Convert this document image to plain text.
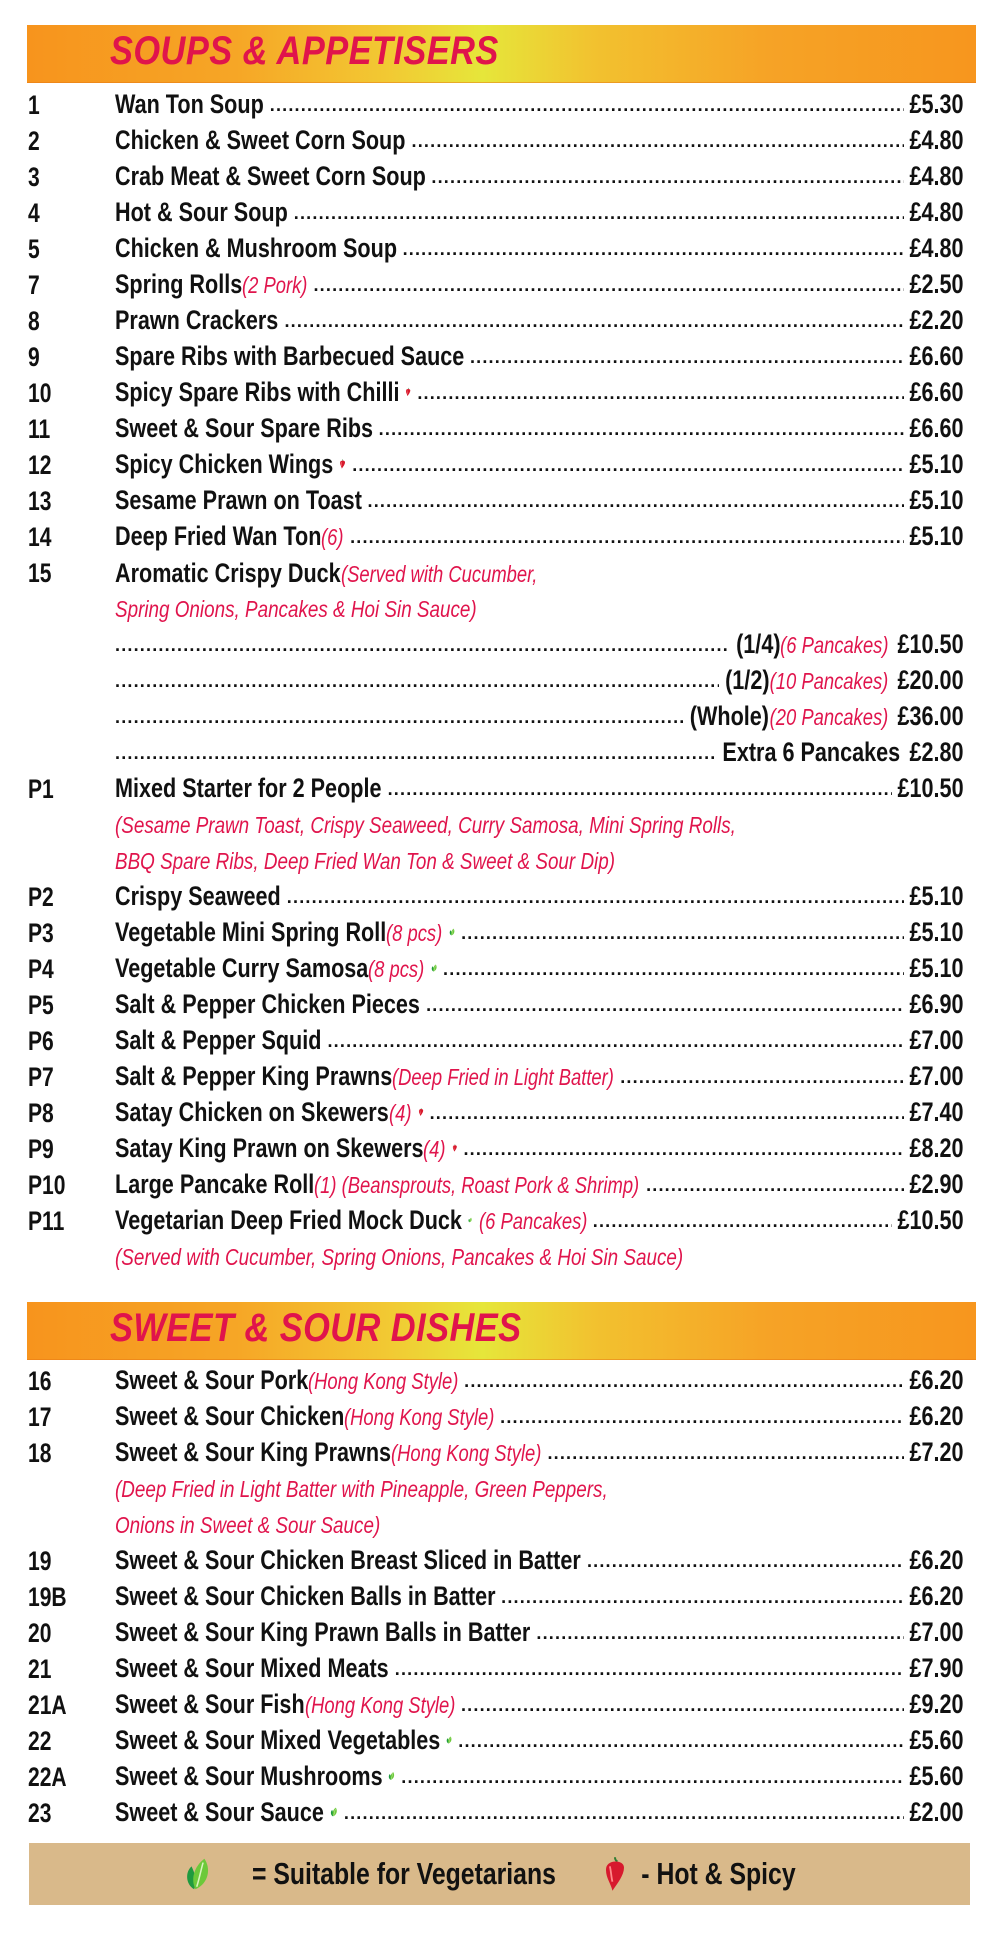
SOUPS & APPETISERS
1	Wan Ton Soup .....	£5.30
2	Chicken & Sweet Corn Soup .....	£4.80
3	Crab Meat & Sweet Corn Soup .....	£4.80
4	Hot & Sour Soup .....	£4.80
5	Chicken & Mushroom Soup .....	£4.80
7	Spring Rolls (2 Pork) .....	£2.50
8	Prawn Crackers .....	£2.20
9	Spare Ribs with Barbecued Sauce .....	£6.60
10	Spicy Spare Ribs with Chilli .....	£6.60
11	Sweet & Sour Spare Ribs .....	£6.60
12	Spicy Chicken Wings .....	£5.10
13	Sesame Prawn on Toast .....	£5.10
14	Deep Fried Wan Ton (6) .....	£5.10
15	Aromatic Crispy Duck (Served with Cucumber,
Spring Onions, Pancakes & Hoi Sin Sauce)
.....
(1/4) (6 Pancakes) £10.50
.....
(1/2) (10 Pancakes) £20.00
.....
(Whole) (20 Pancakes) £36.00
.....
Extra 6 Pancakes £2.80
P1	Mixed Starter for 2 People .....	£10.50
(Sesame Prawn Toast, Crispy Seaweed, Curry Samosa, Mini Spring Rolls,
BBQ Spare Ribs, Deep Fried Wan Ton & Sweet & Sour Dip)
P2	Crispy Seaweed .....	£5.10
P3	Vegetable Mini Spring Roll (8 pcs) .....	£5.10
P4	Vegetable Curry Samosa (8 pcs) .....	£5.10
P5	Salt & Pepper Chicken Pieces .....	£6.90
P6	Salt & Pepper Squid .....	£7.00
P7	Salt & Pepper King Prawns (Deep Fried in Light Batter) .....	£7.00
P8	Satay Chicken on Skewers (4) .....	£7.40
P9	Satay King Prawn on Skewers (4) .....	£8.20
P10	Large Pancake Roll (1) (Beansprouts, Roast Pork & Shrimp) .....	£2.90
P11	Vegetarian Deep Fried Mock Duck (6 Pancakes) .....	£10.50
(Served with Cucumber, Spring Onions, Pancakes & Hoi Sin Sauce)
SWEET & SOUR DISHES
16	Sweet & Sour Pork (Hong Kong Style) .....	£6.20
17	Sweet & Sour Chicken (Hong Kong Style) .....	£6.20
18	Sweet & Sour King Prawns (Hong Kong Style) .....	£7.20
(Deep Fried in Light Batter with Pineapple, Green Peppers,
Onions in Sweet & Sour Sauce)
19	Sweet & Sour Chicken Breast Sliced in Batter .....	£6.20
19B	Sweet & Sour Chicken Balls in Batter .....	£6.20
20	Sweet & Sour King Prawn Balls in Batter .....	£7.00
21	Sweet & Sour Mixed Meats .....	£7.90
21A	Sweet & Sour Fish (Hong Kong Style) .....	£9.20
22	Sweet & Sour Mixed Vegetables .....	£5.60
22A	Sweet & Sour Mushrooms .....	£5.60
23	Sweet & Sour Sauce .....	£2.00
= Suitable for Vegetarians	- Hot & Spicy
